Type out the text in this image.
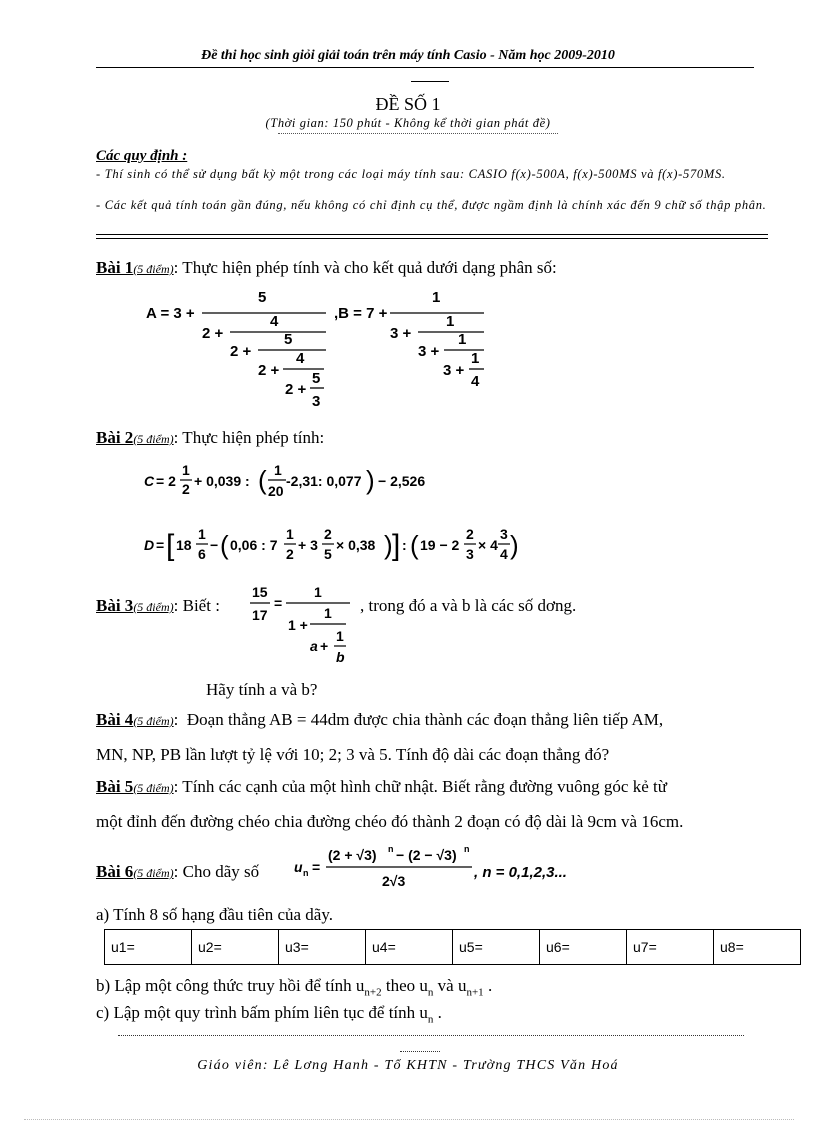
Đề thi học sinh giỏi giải toán trên máy tính Casio - Năm học 2009-2010
ĐỀ SỐ 1
(Thời gian: 150 phút - Không kể thời gian phát đề)
Các quy định :
- Thí sinh có thể sử dụng bất kỳ một trong các loại máy tính sau: CASIO f(x)-500A, f(x)-500MS và f(x)-570MS.
- Các kết quả tính toán gần đúng, nếu không có chỉ định cụ thể, được ngầm định là chính xác đến 9 chữ số thập phân.
Bài 1(5 điểm): Thực hiện phép tính và cho kết quả dưới dạng phân số:
A = 3 +
5
2 +
4
2 +
5
2 +
4
2 +
5
3
,B = 7 +
1
3 +
1
3 +
1
3 +
1
4
Bài 2(5 điểm): Thực hiện phép tính:
C = 2
1
2 + 0,039 : ( 1
20
-2,31: 0,077 ) − 2,526
D = [ 18
1
6
− ( 0,06 : 7
1
2
+ 3
2
5
× 0,38 ) ] : ( 19 − 2
2
3
× 4
3
4 )
Bài 3(5 điểm): Biết :
15
17
=
1
1 +
1
a +
1
b
, trong đó a và b là các số dơng.
Hãy tính a và b?
Bài 4(5 điểm):  Đoạn thẳng AB = 44dm được chia thành các đoạn thẳng liên tiếp AM,
MN, NP, PB lần lượt tỷ lệ với 10; 2; 3 và 5. Tính độ dài các đoạn thẳng đó?
Bài 5(5 điểm): Tính các cạnh của một hình chữ nhật. Biết rằng đường vuông góc kẻ từ
một đỉnh đến đường chéo chia đường chéo đó thành 2 đoạn có độ dài là 9cm và 16cm.
Bài 6(5 điểm): Cho dãy số u n =
(2 + √3) n − (2 − √3) n
2√3	, n = 0,1,2,3...
a) Tính 8 số hạng đầu tiên của dãy.
u1=	u2=	u3=	u4=	u5=	u6=	u7=	u8=
b) Lập một công thức truy hồi để tính $u_{n+2}$ theo $u_n$ và $u_{n+1}$ .
c) Lập một quy trình bấm phím liên tục để tính $u_n$ .
Giáo viên: Lê Lơng Hanh - Tổ KHTN - Trường THCS Văn Hoá
